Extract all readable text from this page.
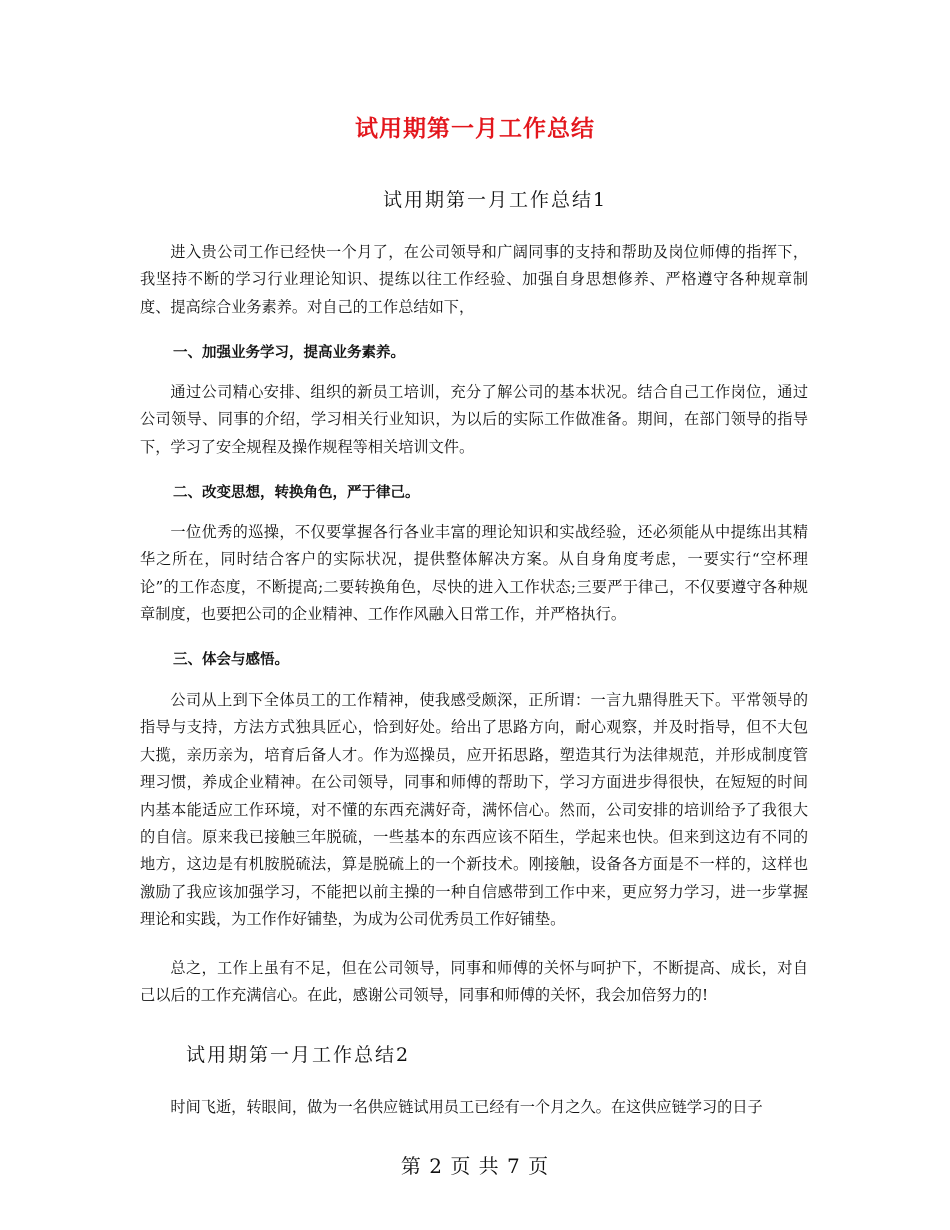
试用期第一月工作总结
试用期第一月工作总结1

进入贵公司工作已经快一个月了，在公司领导和广阔同事的支持和帮助及岗位师傅的指挥下，我坚持不断的学习行业理论知识、提练以往工作经验、加强自身思想修养、严格遵守各种规章制度、提高综合业务素养。对自己的工作总结如下，

一、加强业务学习，提高业务素养。

通过公司精心安排、组织的新员工培训，充分了解公司的基本状况。结合自己工作岗位，通过公司领导、同事的介绍，学习相关行业知识，为以后的实际工作做准备。期间，在部门领导的指导下，学习了安全规程及操作规程等相关培训文件。

二、改变思想，转换角色，严于律己。

一位优秀的巡操，不仅要掌握各行各业丰富的理论知识和实战经验，还必须能从中提练出其精华之所在，同时结合客户的实际状况，提供整体解决方案。从自身角度考虑，一要实行“空杯理论”的工作态度，不断提高;二要转换角色，尽快的进入工作状态;三要严于律己，不仅要遵守各种规章制度，也要把公司的企业精神、工作作风融入日常工作，并严格执行。

三、体会与感悟。

公司从上到下全体员工的工作精神，使我感受颇深，正所谓：一言九鼎得胜天下。平常领导的指导与支持，方法方式独具匠心，恰到好处。给出了思路方向，耐心观察，并及时指导，但不大包大揽，亲历亲为，培育后备人才。作为巡操员，应开拓思路，塑造其行为法律规范，并形成制度管理习惯，养成企业精神。在公司领导，同事和师傅的帮助下，学习方面进步得很快，在短短的时间内基本能适应工作环境，对不懂的东西充满好奇，满怀信心。然而，公司安排的培训给予了我很大的自信。原来我已接触三年脱硫，一些基本的东西应该不陌生，学起来也快。但来到这边有不同的地方，这边是有机胺脱硫法，算是脱硫上的一个新技术。刚接触，设备各方面是不一样的，这样也激励了我应该加强学习，不能把以前主操的一种自信感带到工作中来，更应努力学习，进一步掌握理论和实践，为工作作好铺垫，为成为公司优秀员工作好铺垫。

总之，工作上虽有不足，但在公司领导，同事和师傅的关怀与呵护下，不断提高、成长，对自己以后的工作充满信心。在此，感谢公司领导，同事和师傅的关怀，我会加倍努力的!

试用期第一月工作总结2

时间飞逝，转眼间，做为一名供应链试用员工已经有一个月之久。在这供应链学习的日子

第 2 页 共 7 页
